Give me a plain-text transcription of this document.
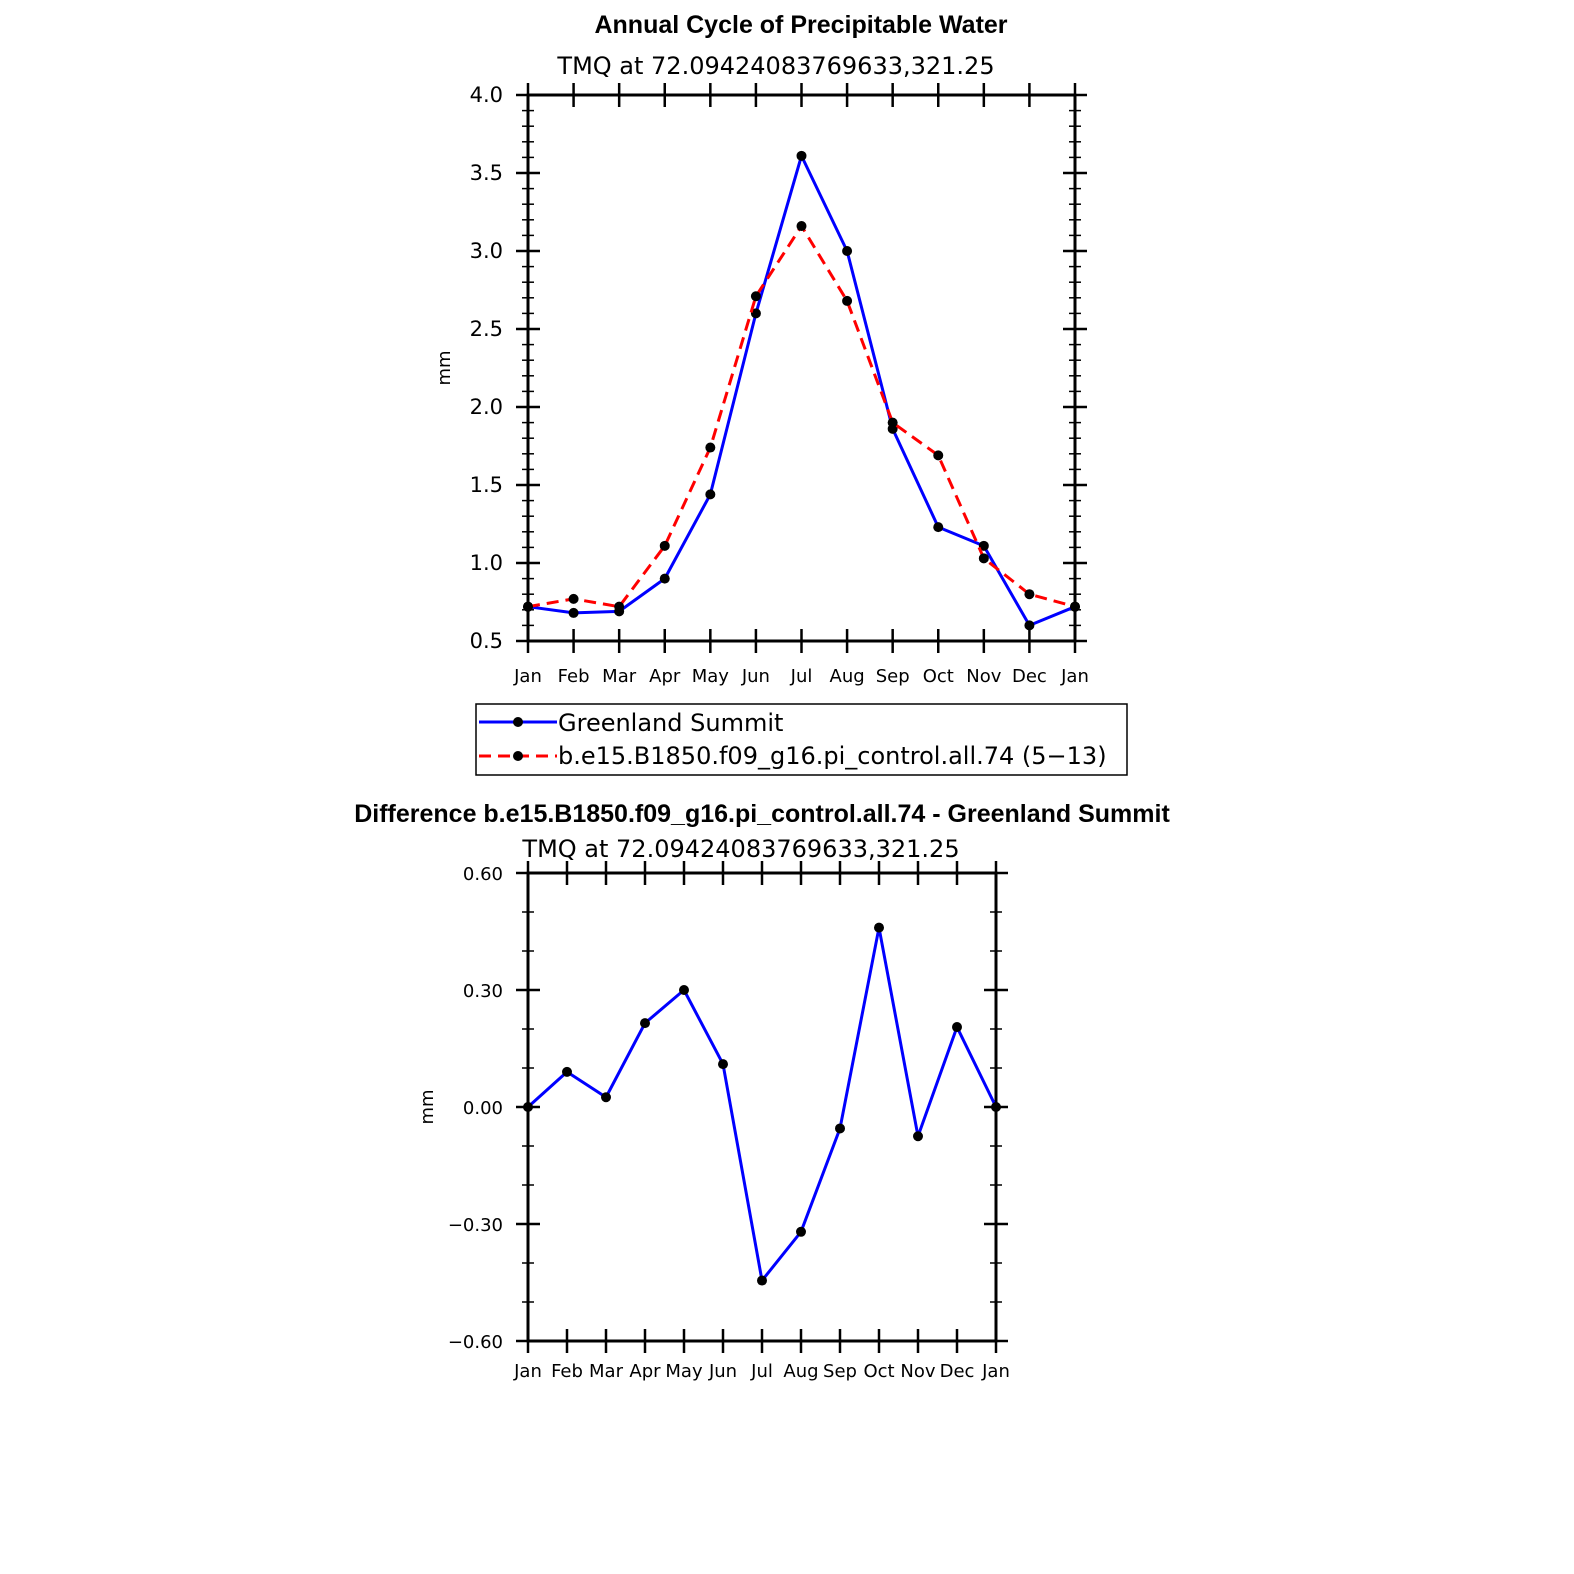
Annual Cycle of Precipitable Water
TMQ at 72.09424083769633,321.25
mm
0.5
1.0
1.5
2.0
2.5
3.0
3.5
4.0
Jan Feb Mar Apr May Jun Jul Aug Sep Oct Nov Dec Jan
Greenland Summit
b.e15.B1850.f09_g16.pi_control.all.74 (5−13)
Difference b.e15.B1850.f09_g16.pi_control.all.74 - Greenland Summit
TMQ at 72.09424083769633,321.25
mm
−0.60
−0.30
0.00
0.30
0.60
Jan Feb Mar Apr May Jun Jul Aug Sep Oct Nov Dec Jan
